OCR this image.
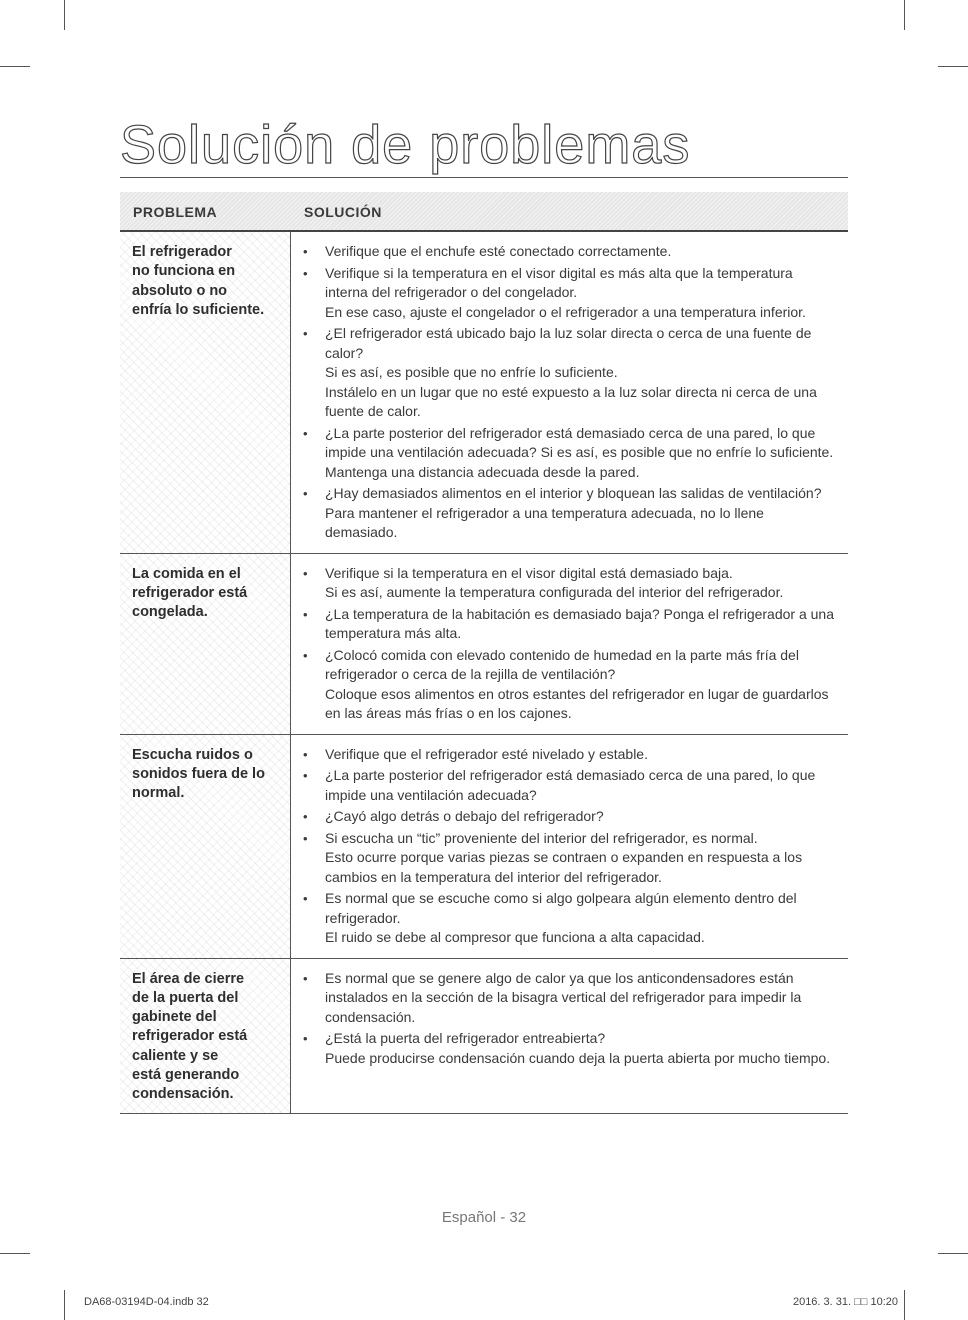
Solución de problemas
PROBLEMA	SOLUCIÓN

El refrigerador
no funciona en
absoluto o no
enfría lo suficiente.

• Verifique que el enchufe esté conectado correctamente.
• Verifique si la temperatura en el visor digital es más alta que la temperatura interna del refrigerador o del congelador.
En ese caso, ajuste el congelador o el refrigerador a una temperatura inferior.
• ¿El refrigerador está ubicado bajo la luz solar directa o cerca de una fuente de calor?
Si es así, es posible que no enfríe lo suficiente.
Instálelo en un lugar que no esté expuesto a la luz solar directa ni cerca de una fuente de calor.
• ¿La parte posterior del refrigerador está demasiado cerca de una pared, lo que impide una ventilación adecuada? Si es así, es posible que no enfríe lo suficiente.
Mantenga una distancia adecuada desde la pared.
• ¿Hay demasiados alimentos en el interior y bloquean las salidas de ventilación?
Para mantener el refrigerador a una temperatura adecuada, no lo llene demasiado.

La comida en el
refrigerador está
congelada.

• Verifique si la temperatura en el visor digital está demasiado baja.
Si es así, aumente la temperatura configurada del interior del refrigerador.
• ¿La temperatura de la habitación es demasiado baja? Ponga el refrigerador a una temperatura más alta.
• ¿Colocó comida con elevado contenido de humedad en la parte más fría del refrigerador o cerca de la rejilla de ventilación?
Coloque esos alimentos en otros estantes del refrigerador en lugar de guardarlos en las áreas más frías o en los cajones.

Escucha ruidos o
sonidos fuera de lo
normal.

• Verifique que el refrigerador esté nivelado y estable.
• ¿La parte posterior del refrigerador está demasiado cerca de una pared, lo que impide una ventilación adecuada?
• ¿Cayó algo detrás o debajo del refrigerador?
• Si escucha un “tic” proveniente del interior del refrigerador, es normal.
Esto ocurre porque varias piezas se contraen o expanden en respuesta a los cambios en la temperatura del interior del refrigerador.
• Es normal que se escuche como si algo golpeara algún elemento dentro del refrigerador.
El ruido se debe al compresor que funciona a alta capacidad.

El área de cierre
de la puerta del
gabinete del
refrigerador está
caliente y se
está generando
condensación.

• Es normal que se genere algo de calor ya que los anticondensadores están instalados en la sección de la bisagra vertical del refrigerador para impedir la condensación.
• ¿Está la puerta del refrigerador entreabierta?
Puede producirse condensación cuando deja la puerta abierta por mucho tiempo.
Español - 32
DA68-03194D-04.indb 32	2016. 3. 31. □□ 10:20
